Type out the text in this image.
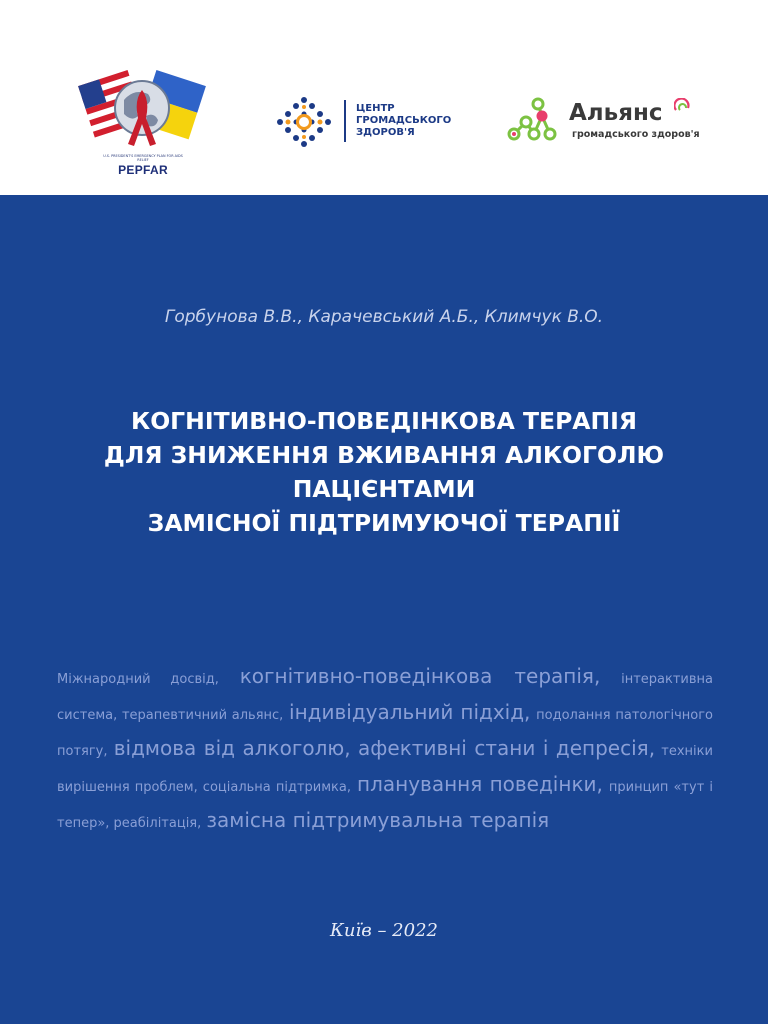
U.S. PRESIDENT'S EMERGENCY PLAN FOR AIDS RELIEF
PEPFAR
ЦЕНТР
ГРОМАДСЬКОГО
ЗДОРОВ'Я
Альянс
громадського здоров'я
Горбунова В.В., Карачевський А.Б., Климчук В.О.
КОГНІТИВНО-ПОВЕДІНКОВА ТЕРАПІЯ
ДЛЯ ЗНИЖЕННЯ ВЖИВАННЯ АЛКОГОЛЮ
ПАЦІЄНТАМИ
ЗАМІСНОЇ ПІДТРИМУЮЧОЇ ТЕРАПІЇ
Міжнародний досвід, когнітивно-поведінкова терапія, інтерактивна система, терапевтичний альянс, індивідуальний підхід, подолання патологічного потягу, відмова від алкоголю, афективні стани і депресія, техніки вирішення проблем, соціальна підтримка, планування поведінки, принцип «тут і тепер», реабілітація, замісна підтримувальна терапія
Київ – 2022
